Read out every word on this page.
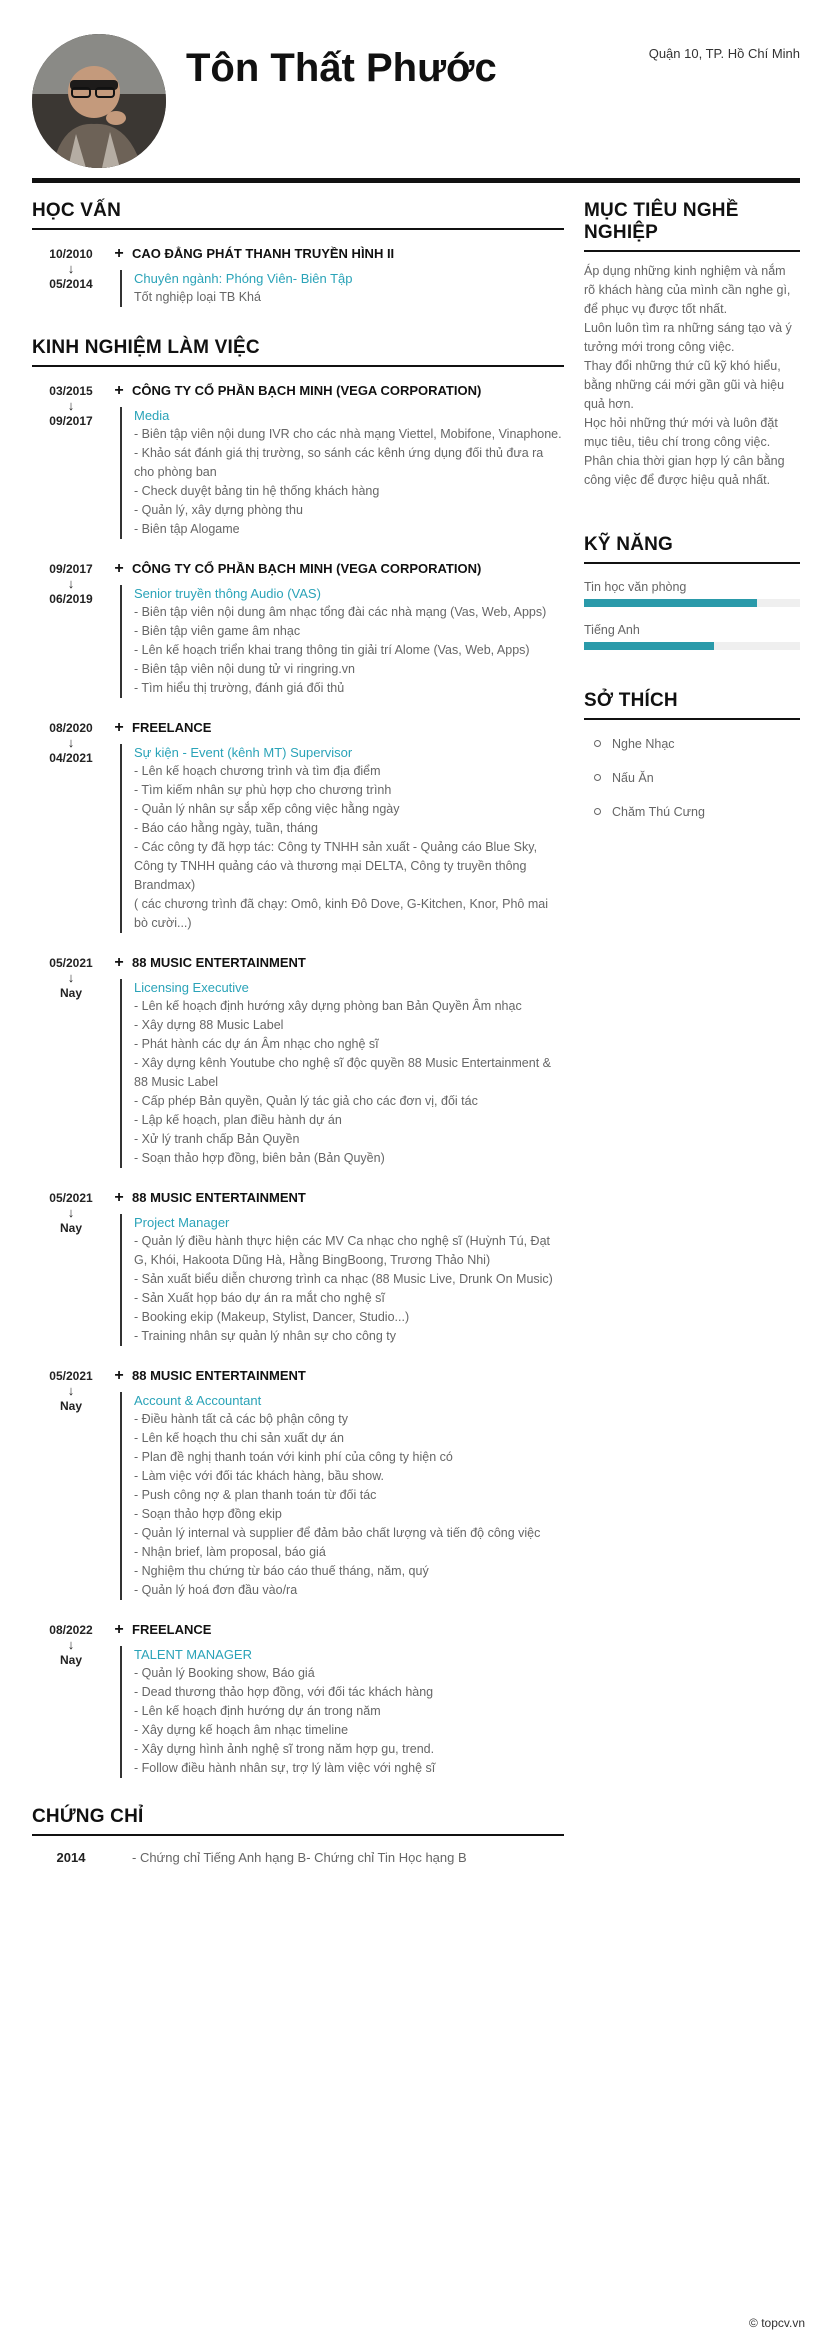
Tôn Thất Phước	Quận 10, TP. Hồ Chí Minh
HỌC VẤN
10/2010
↓
05/2014
+ CAO ĐẲNG PHÁT THANH TRUYỀN HÌNH II
Chuyên ngành: Phóng Viên- Biên Tập
Tốt nghiệp loại TB Khá
KINH NGHIỆM LÀM VIỆC
03/2015
↓
09/2017
+ CÔNG TY CỔ PHẦN BẠCH MINH (VEGA CORPORATION)
Media
- Biên tập viên nội dung IVR cho các nhà mạng Viettel, Mobifone, Vinaphone.
- Khảo sát đánh giá thị trường, so sánh các kênh ứng dụng đối thủ đưa ra cho phòng ban
- Check duyệt bảng tin hệ thống khách hàng
- Quản lý, xây dựng phòng thu
- Biên tập Alogame
09/2017
↓
06/2019
+ CÔNG TY CỔ PHẦN BẠCH MINH (VEGA CORPORATION)
Senior truyền thông Audio (VAS)
- Biên tập viên nội dung âm nhạc tổng đài các nhà mạng (Vas, Web, Apps)
- Biên tập viên game âm nhạc
- Lên kế hoạch triển khai trang thông tin giải trí Alome (Vas, Web, Apps)
- Biên tập viên nội dung tử vi ringring.vn
- Tìm hiểu thị trường, đánh giá đối thủ
08/2020
↓
04/2021
+ FREELANCE
Sự kiện - Event (kênh MT) Supervisor
- Lên kế hoạch chương trình và tìm địa điểm
- Tìm kiếm nhân sự phù hợp cho chương trình
- Quản lý nhân sự sắp xếp công việc hằng ngày
- Báo cáo hằng ngày, tuần, tháng
- Các công ty đã hợp tác: Công ty TNHH sản xuất - Quảng cáo Blue Sky, Công ty TNHH quảng cáo và thương mại DELTA, Công ty truyền thông Brandmax)
( các chương trình đã chạy: Omô, kinh Đô Dove, G-Kitchen, Knor, Phô mai bò cười...)
05/2021
↓
Nay
+ 88 MUSIC ENTERTAINMENT
Licensing Executive
- Lên kế hoạch định hướng xây dựng phòng ban Bản Quyền Âm nhạc
- Xây dựng 88 Music Label
- Phát hành các dự án Âm nhạc cho nghệ sĩ
- Xây dựng kênh Youtube cho nghệ sĩ độc quyền 88 Music Entertainment & 88 Music Label
- Cấp phép Bản quyền, Quản lý tác giả cho các đơn vị, đối tác
- Lập kế hoạch, plan điều hành dự án
- Xử lý tranh chấp Bản Quyền
- Soạn thảo hợp đồng, biên bản (Bản Quyền)
05/2021
↓
Nay
+ 88 MUSIC ENTERTAINMENT
Project Manager
- Quản lý điều hành thực hiện các MV Ca nhạc cho nghệ sĩ (Huỳnh Tú, Đạt G, Khói, Hakoota Dũng Hà, Hằng BingBoong, Trương Thảo Nhi)
- Sản xuất biểu diễn chương trình ca nhạc (88 Music Live, Drunk On Music)
- Sản Xuất họp báo dự án ra mắt cho nghệ sĩ
- Booking ekip (Makeup, Stylist, Dancer, Studio...)
- Training nhân sự quản lý nhân sự cho công ty
05/2021
↓
Nay
+ 88 MUSIC ENTERTAINMENT
Account & Accountant
- Điều hành tất cả các bộ phận công ty
- Lên kế hoạch thu chi sản xuất dự án
- Plan đề nghị thanh toán với kinh phí của công ty hiện có
- Làm việc với đối tác khách hàng, bầu show.
- Push công nợ & plan thanh toán từ đối tác
- Soạn thảo hợp đồng ekip
- Quản lý internal và supplier để đảm bảo chất lượng và tiến độ công việc
- Nhận brief, làm proposal, báo giá
- Nghiệm thu chứng từ báo cáo thuế tháng, năm, quý
- Quản lý hoá đơn đầu vào/ra
08/2022
↓
Nay
+ FREELANCE
TALENT MANAGER
- Quản lý Booking show, Báo giá
- Dead thương thảo hợp đồng, với đối tác khách hàng
- Lên kế hoạch định hướng dự án trong năm
- Xây dựng kế hoạch âm nhạc timeline
- Xây dựng hình ảnh nghệ sĩ trong năm hợp gu, trend.
- Follow điều hành nhân sự, trợ lý làm việc với nghệ sĩ
CHỨNG CHỈ
2014	- Chứng chỉ Tiếng Anh hạng B- Chứng chỉ Tin Học hạng B
MỤC TIÊU NGHỀ NGHIỆP
Áp dụng những kinh nghiệm và nắm rõ khách hàng của mình cần nghe gì, để phục vụ được tốt nhất.
Luôn luôn tìm ra những sáng tạo và ý tưởng mới trong công việc.
Thay đổi những thứ cũ kỹ khó hiểu, bằng những cái mới gần gũi và hiệu quả hơn.
Học hỏi những thứ mới và luôn đặt mục tiêu, tiêu chí trong công việc.
Phân chia thời gian hợp lý cân bằng công việc để được hiệu quả nhất.
KỸ NĂNG
Tin học văn phòng
Tiếng Anh
SỞ THÍCH
Nghe Nhạc
Nấu Ăn
Chăm Thú Cưng
© topcv.vn
